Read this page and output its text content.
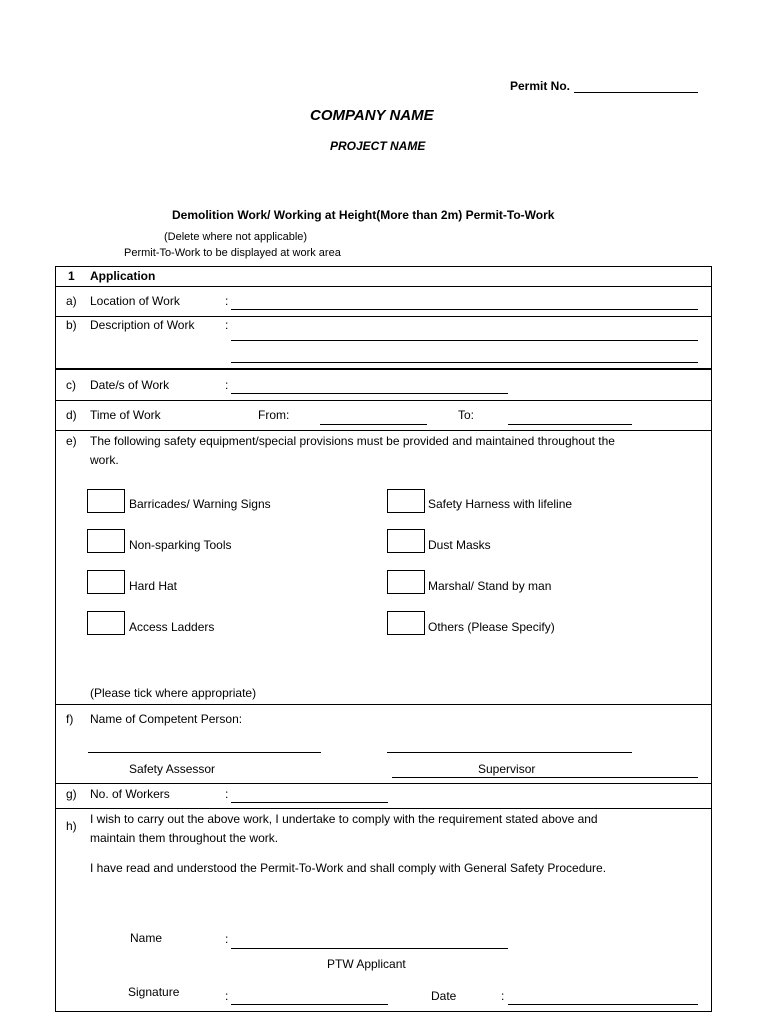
Permit No.
COMPANY NAME
PROJECT NAME
Demolition Work/ Working at Height(More than 2m) Permit-To-Work
(Delete where not applicable)
Permit-To-Work to be displayed at work area
1 Application
a) Location of Work	:
b) Description of Work	:
c) Date/s of Work	:
d) Time of Work	From:	To:
e) The following safety equipment/special provisions must be provided and maintained throughout the
work.
Barricades/ Warning Signs	Safety Harness with lifeline
Non-sparking Tools	Dust Masks
Hard Hat	Marshal/ Stand by man
Access Ladders	Others (Please Specify)
(Please tick where appropriate)
f) Name of Competent Person:
Safety Assessor	Supervisor
g) No. of Workers	:
h) I wish to carry out the above work, I undertake to comply with the requirement stated above and
maintain them throughout the work.
I have read and understood the Permit-To-Work and shall comply with General Safety Procedure.
Name	:
PTW Applicant
Signature	:	Date	:
